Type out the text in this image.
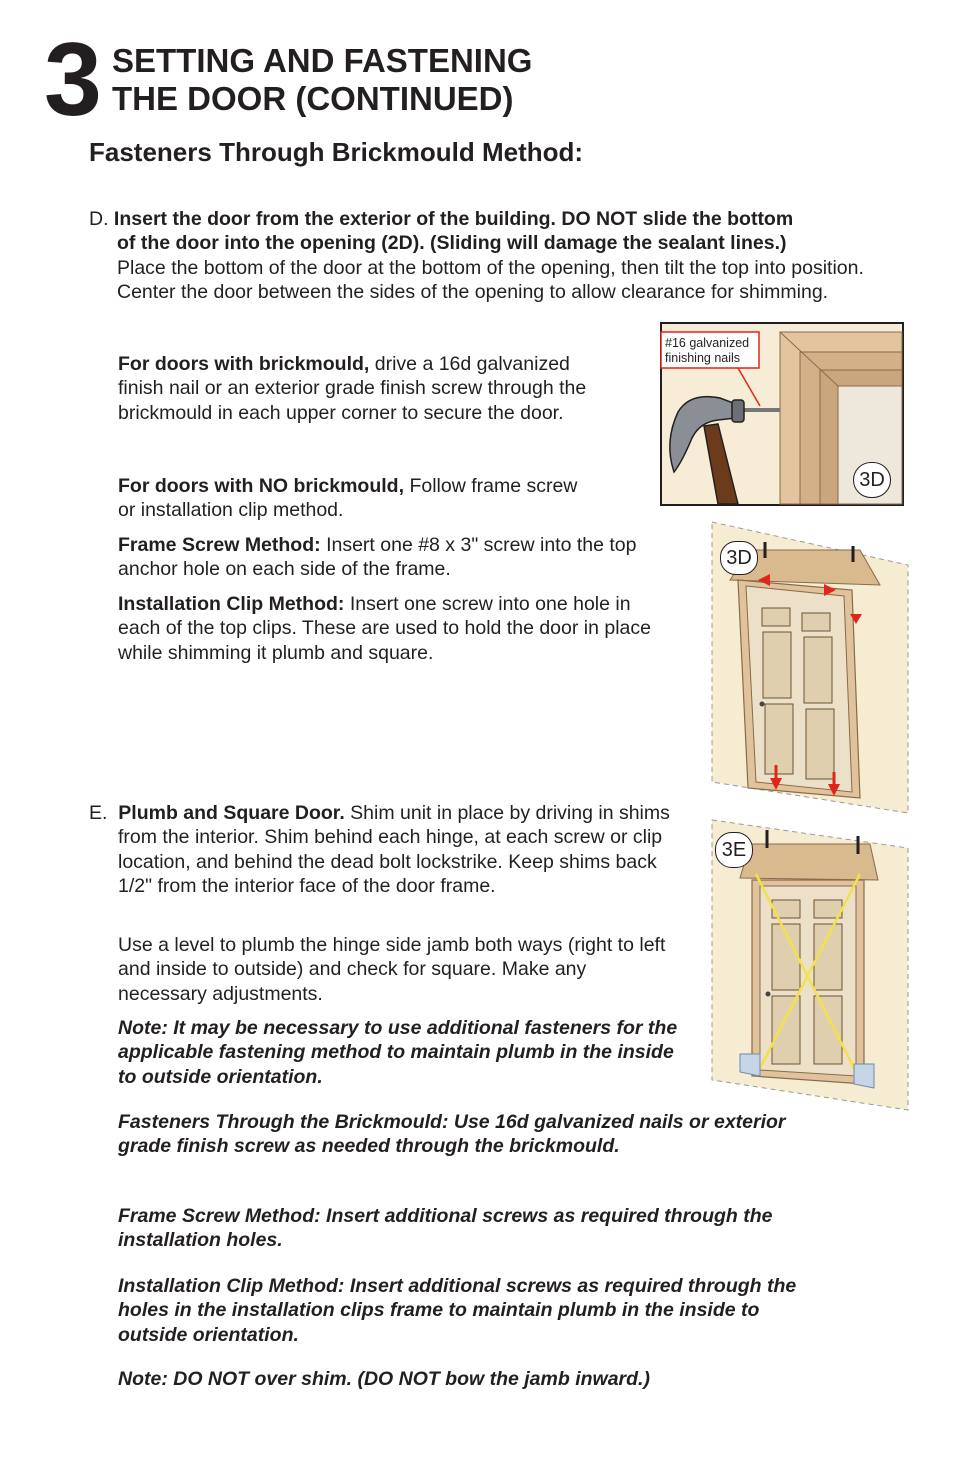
3 SETTING AND FASTENING
THE DOOR (CONTINUED)
Fasteners Through Brickmould Method:
D. Insert the door from the exterior of the building. DO NOT slide the bottom
of the door into the opening (2D). (Sliding will damage the sealant lines.)
Place the bottom of the door at the bottom of the opening, then tilt the top into position. Center the door between the sides of the opening to allow clearance for shimming.
For doors with brickmould, drive a 16d galvanized finish nail or an exterior grade finish screw through the brickmould in each upper corner to secure the door.
For doors with NO brickmould, Follow frame screw or installation clip method.
Frame Screw Method: Insert one #8 x 3" screw into the top anchor hole on each side of the frame.
Installation Clip Method: Insert one screw into one hole in each of the top clips. These are used to hold the door in place while shimming it plumb and square.
E. Plumb and Square Door. Shim unit in place by driving in shims from the interior. Shim behind each hinge, at each screw or clip location, and behind the dead bolt lockstrike. Keep shims back 1/2" from the interior face of the door frame.
Use a level to plumb the hinge side jamb both ways (right to left and inside to outside) and check for square. Make any necessary adjustments.
Note: It may be necessary to use additional fasteners for the applicable fastening method to maintain plumb in the inside to outside orientation.
Fasteners Through the Brickmould: Use 16d galvanized nails or exterior grade finish screw as needed through the brickmould.
Frame Screw Method: Insert additional screws as required through the installation holes.
Installation Clip Method: Insert additional screws as required through the holes in the installation clips frame to maintain plumb in the inside to outside orientation.
Note: DO NOT over shim. (DO NOT bow the jamb inward.)
#16 galvanized
finishing nails
3D
3D
3E
